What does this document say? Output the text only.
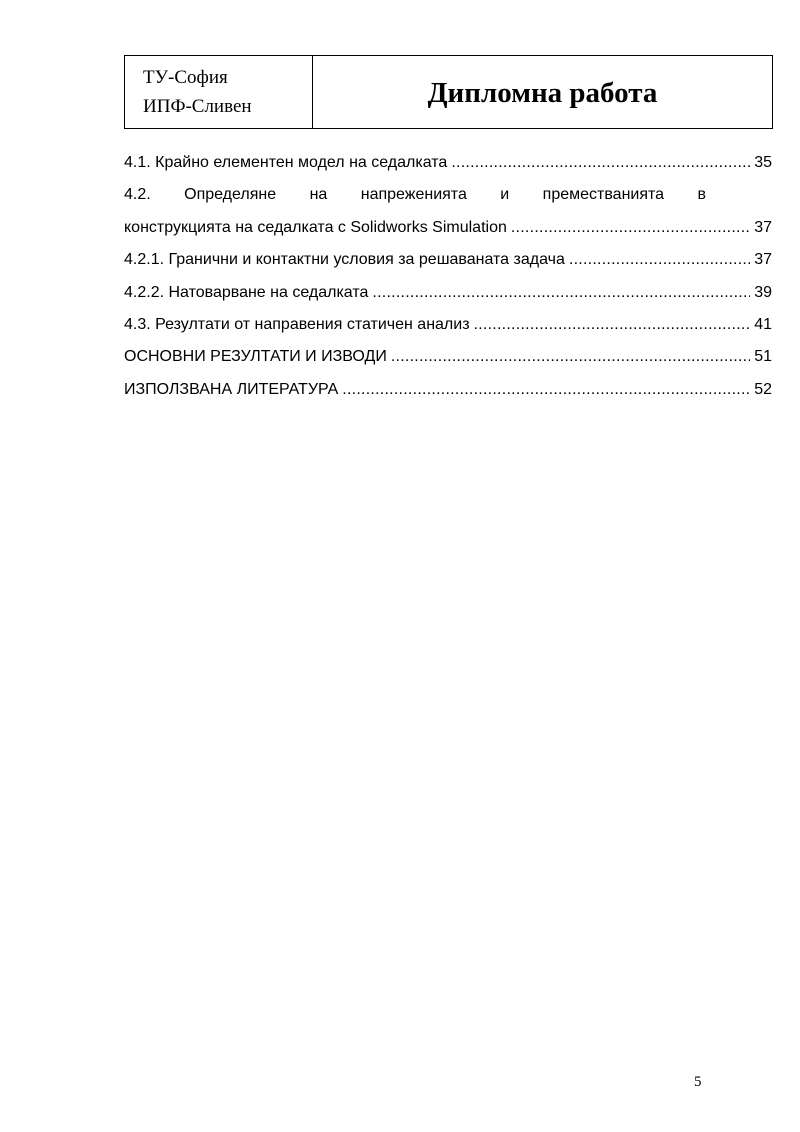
ТУ-София
ИПФ-Сливен	Дипломна работа
4.1. Крайно елементен модел на седалката . . .	35
4.2. Определяне на напреженията и преместванията в
конструкцията на седалката с Solidworks Simulation . . .	37
4.2.1. Гранични и контактни условия за решаваната задача . . .	37
4.2.2. Натоварване на седалката . . .	39
4.3. Резултати от направения статичен анализ . . .	41
ОСНОВНИ РЕЗУЛТАТИ И ИЗВОДИ . . .	51
ИЗПОЛЗВАНА ЛИТЕРАТУРА . . .	52
5
